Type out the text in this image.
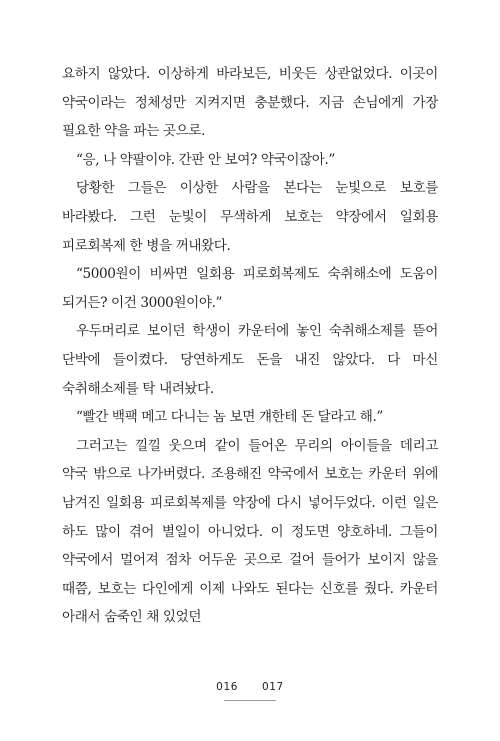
요하지 않았다. 이상하게 바라보든, 비웃든 상관없었다. 이곳이 약국이라는 정체성만 지켜지면 충분했다. 지금 손님에게 가장 필요한 약을 파는 곳으로.

“응, 나 약팔이야. 간판 안 보여? 약국이잖아.”

당황한 그들은 이상한 사람을 본다는 눈빛으로 보호를 바라봤다. 그런 눈빛이 무색하게 보호는 약장에서 일회용 피로회복제 한 병을 꺼내왔다.

“5000원이 비싸면 일회용 피로회복제도 숙취해소에 도움이 되거든? 이건 3000원이야.”

우두머리로 보이던 학생이 카운터에 놓인 숙취해소제를 뜯어 단박에 들이켰다. 당연하게도 돈을 내진 않았다. 다 마신 숙취해소제를 탁 내려놨다.

“빨간 백팩 메고 다니는 놈 보면 걔한테 돈 달라고 해.”

그러고는 낄낄 웃으며 같이 들어온 무리의 아이들을 데리고 약국 밖으로 나가버렸다. 조용해진 약국에서 보호는 카운터 위에 남겨진 일회용 피로회복제를 약장에 다시 넣어두었다. 이런 일은 하도 많이 겪어 별일이 아니었다. 이 정도면 양호하네. 그들이 약국에서 멀어져 점차 어두운 곳으로 걸어 들어가 보이지 않을 때쯤, 보호는 다인에게 이제 나와도 된다는 신호를 줬다. 카운터 아래서 숨죽인 채 있었던

016 017
